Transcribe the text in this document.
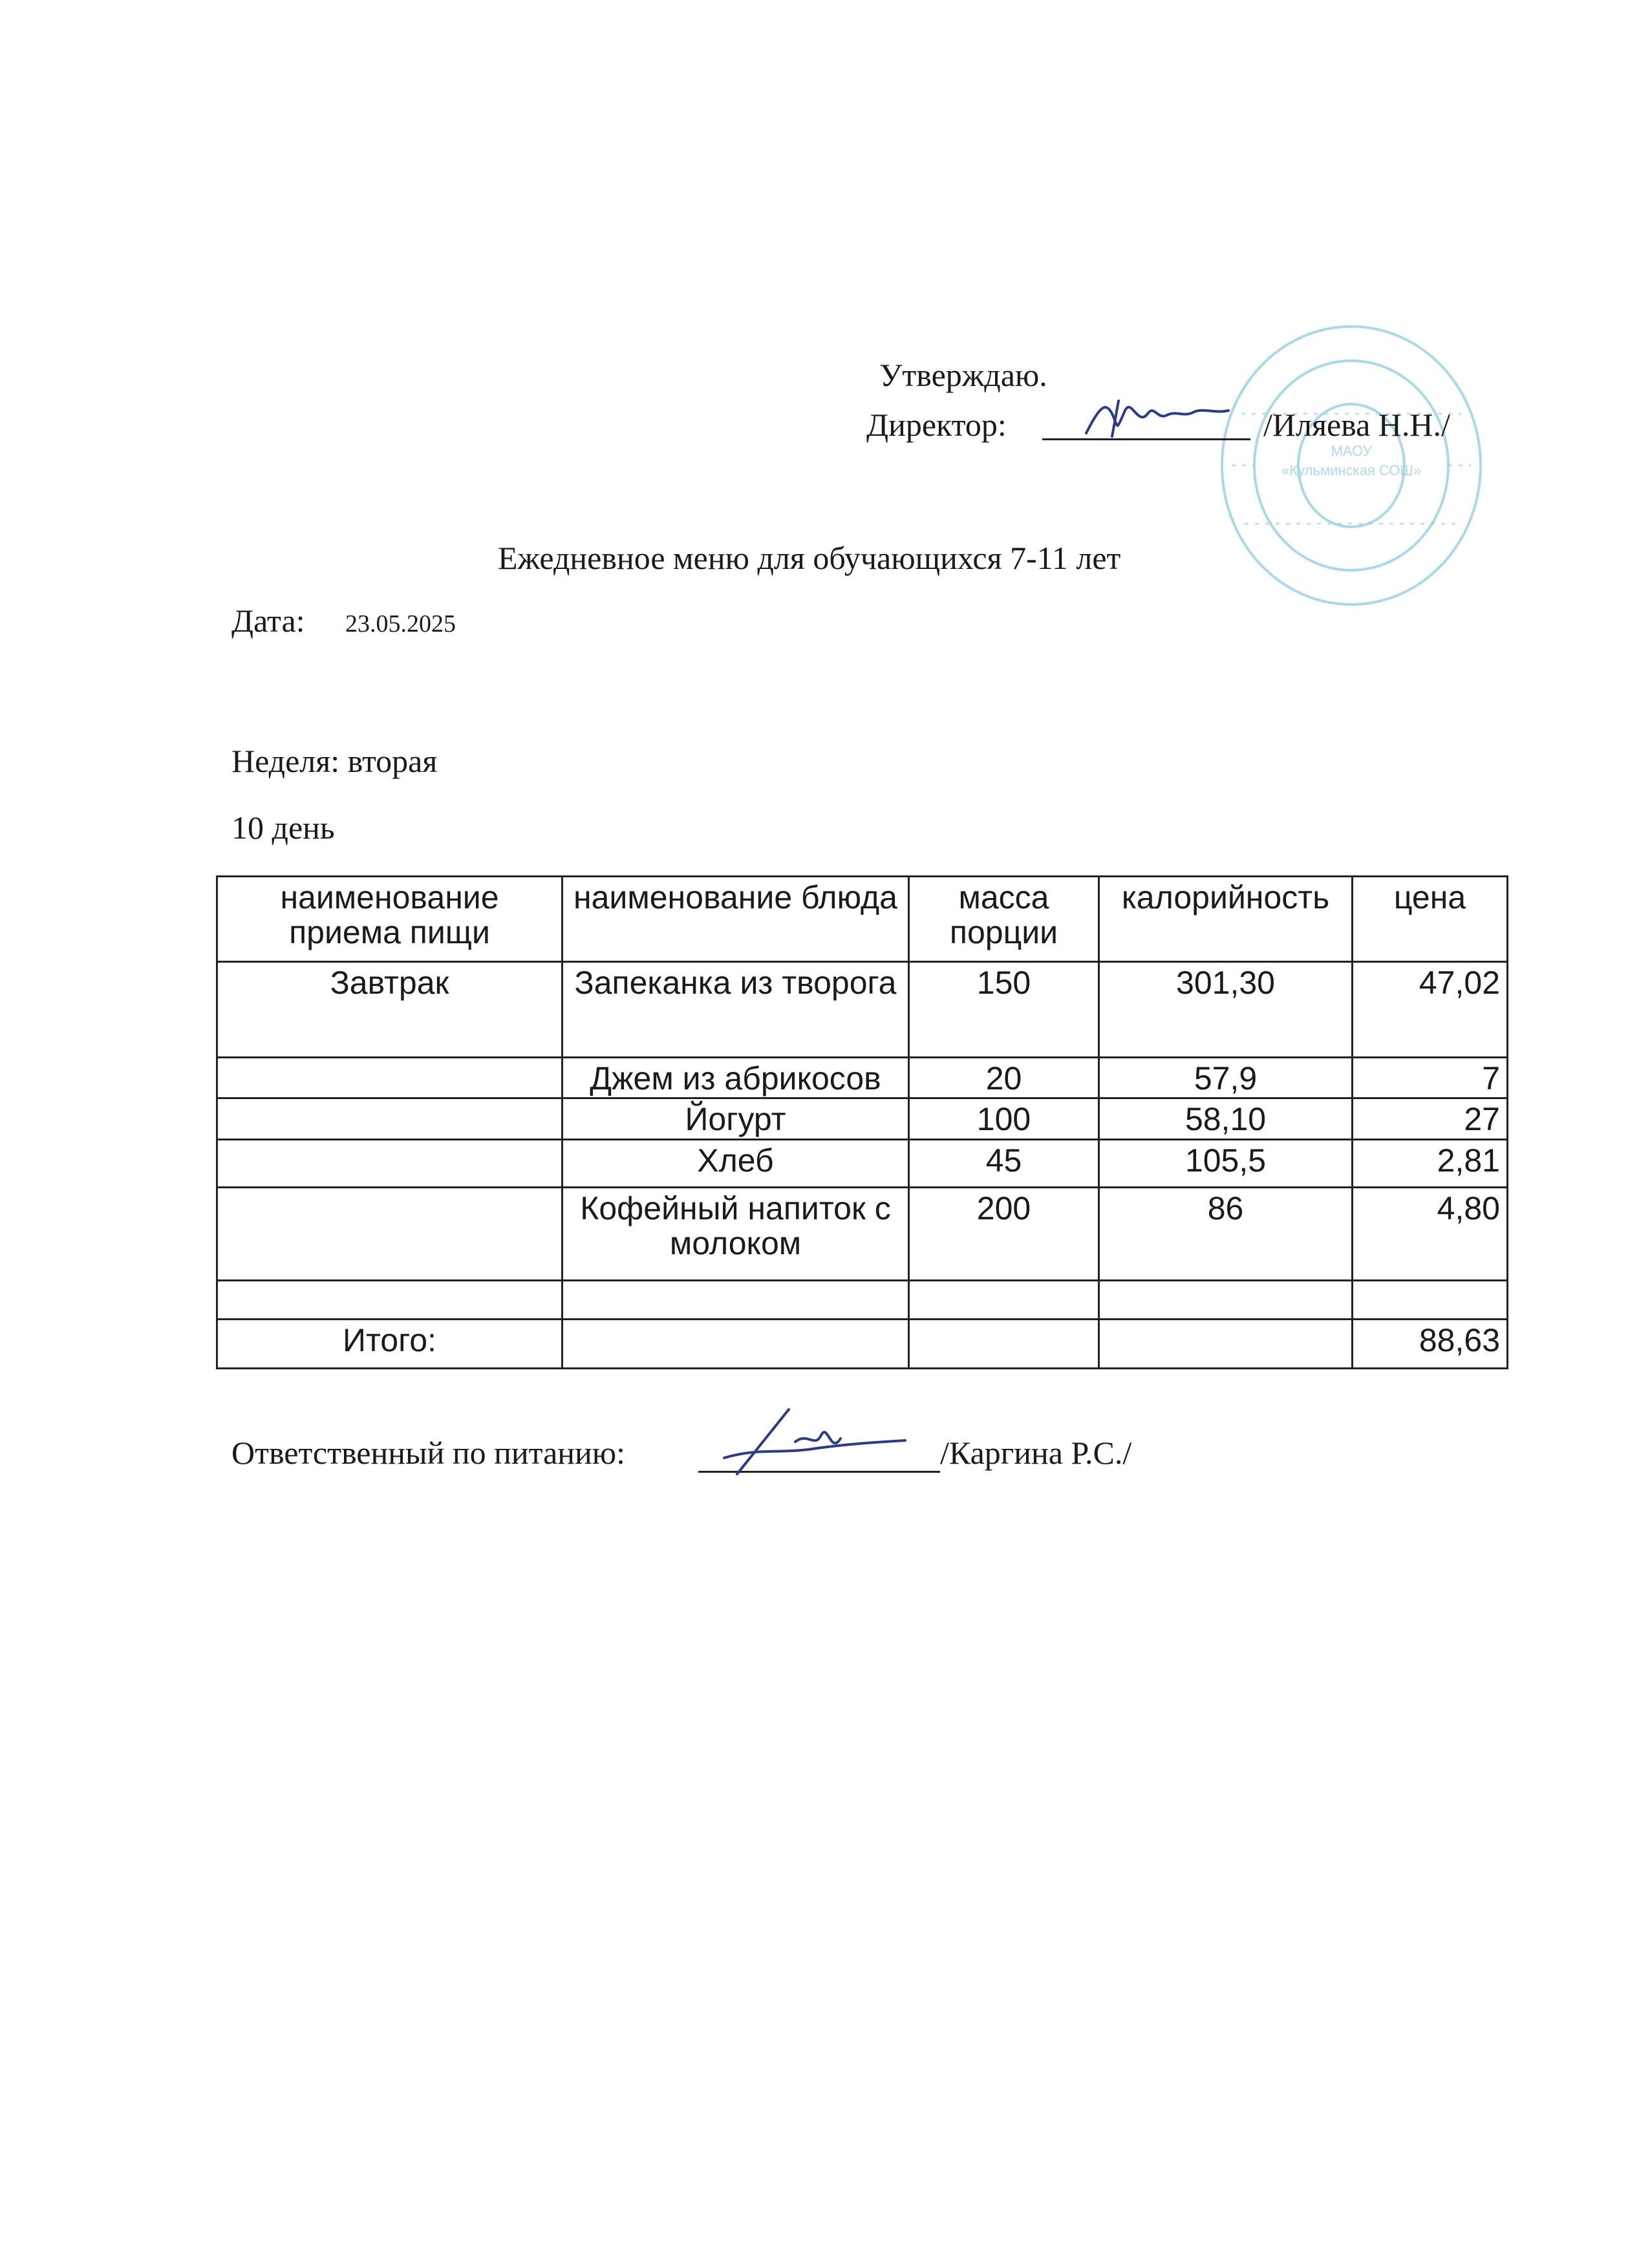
МАОУ
«Кульминская СОШ»
Утверждаю.
Директор:	/Иляева Н.Н./
Ежедневное меню для обучающихся 7-11 лет
Дата: 23.05.2025
Неделя: вторая
10 день
наименование приема пищи	наименование блюда	масса порции	калорийность	цена
Завтрак	Запеканка из творога	150	301,30	47,02
	Джем из абрикосов	20	57,9	7
	Йогурт	100	58,10	27
	Хлеб	45	105,5	2,81
	Кофейный напиток с молоком	200	86	4,80

Итого:				88,63
Ответственный по питанию:	/Каргина Р.С./
